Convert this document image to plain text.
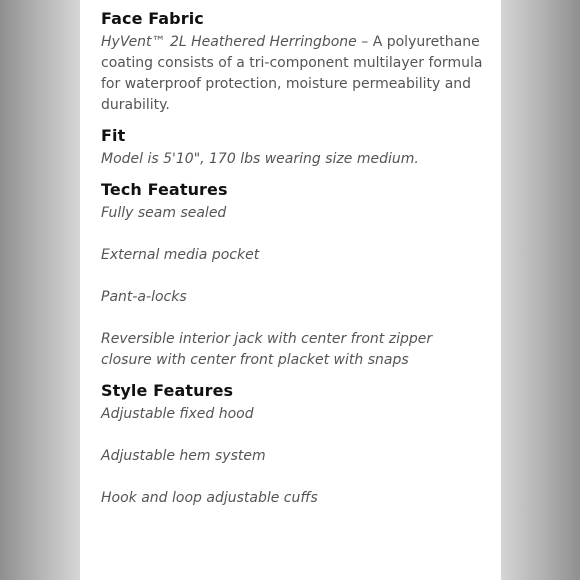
Face Fabric

HyVent™ 2L Heathered Herringbone – A polyurethane coating consists of a tri-component multilayer formula for waterproof protection, moisture permeability and durability.

Fit

Model is 5'10", 170 lbs wearing size medium.

Tech Features

Fully seam sealed

External media pocket

Pant-a-locks

Reversible interior jack with center front zipper closure with center front placket with snaps

Style Features

Adjustable fixed hood

Adjustable hem system

Hook and loop adjustable cuffs
